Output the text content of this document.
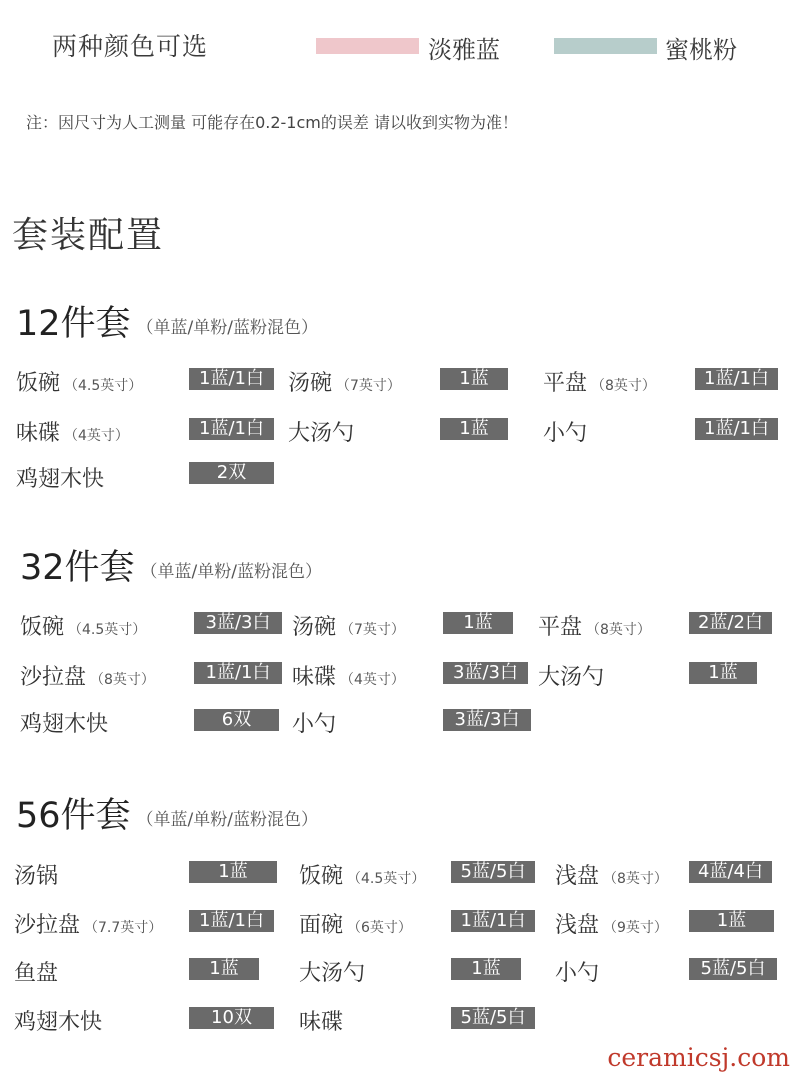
两种颜色可选	淡雅蓝	蜜桃粉
注：因尺寸为人工测量 可能存在0.2-1cm的误差 请以收到实物为准！
套装配置
12件套 （单蓝/单粉/蓝粉混色）
饭碗 （4.5英寸）	1蓝/1白	汤碗 （7英寸）	1蓝	平盘 （8英寸）	1蓝/1白
味碟 （4英寸）	1蓝/1白	大汤勺	1蓝	小勺	1蓝/1白
鸡翅木快	2双
32件套 （单蓝/单粉/蓝粉混色）
饭碗 （4.5英寸）	3蓝/3白 汤碗 （7英寸）	1蓝	平盘 （8英寸）	2蓝/2白
沙拉盘 （8英寸）	1蓝/1白 味碟 （4英寸）	3蓝/3白 大汤勺	1蓝
鸡翅木快	6双	小勺	3蓝/3白
56件套 （单蓝/单粉/蓝粉混色）
汤锅	1蓝	饭碗 （4.5英寸）	5蓝/5白	浅盘 （8英寸）	4蓝/4白
沙拉盘 （7.7英寸）	1蓝/1白	面碗 （6英寸）	1蓝/1白	浅盘 （9英寸）	1蓝
鱼盘	1蓝	大汤勺	1蓝	小勺	5蓝/5白
鸡翅木快	10双	味碟	5蓝/5白
ceramicsj.com
